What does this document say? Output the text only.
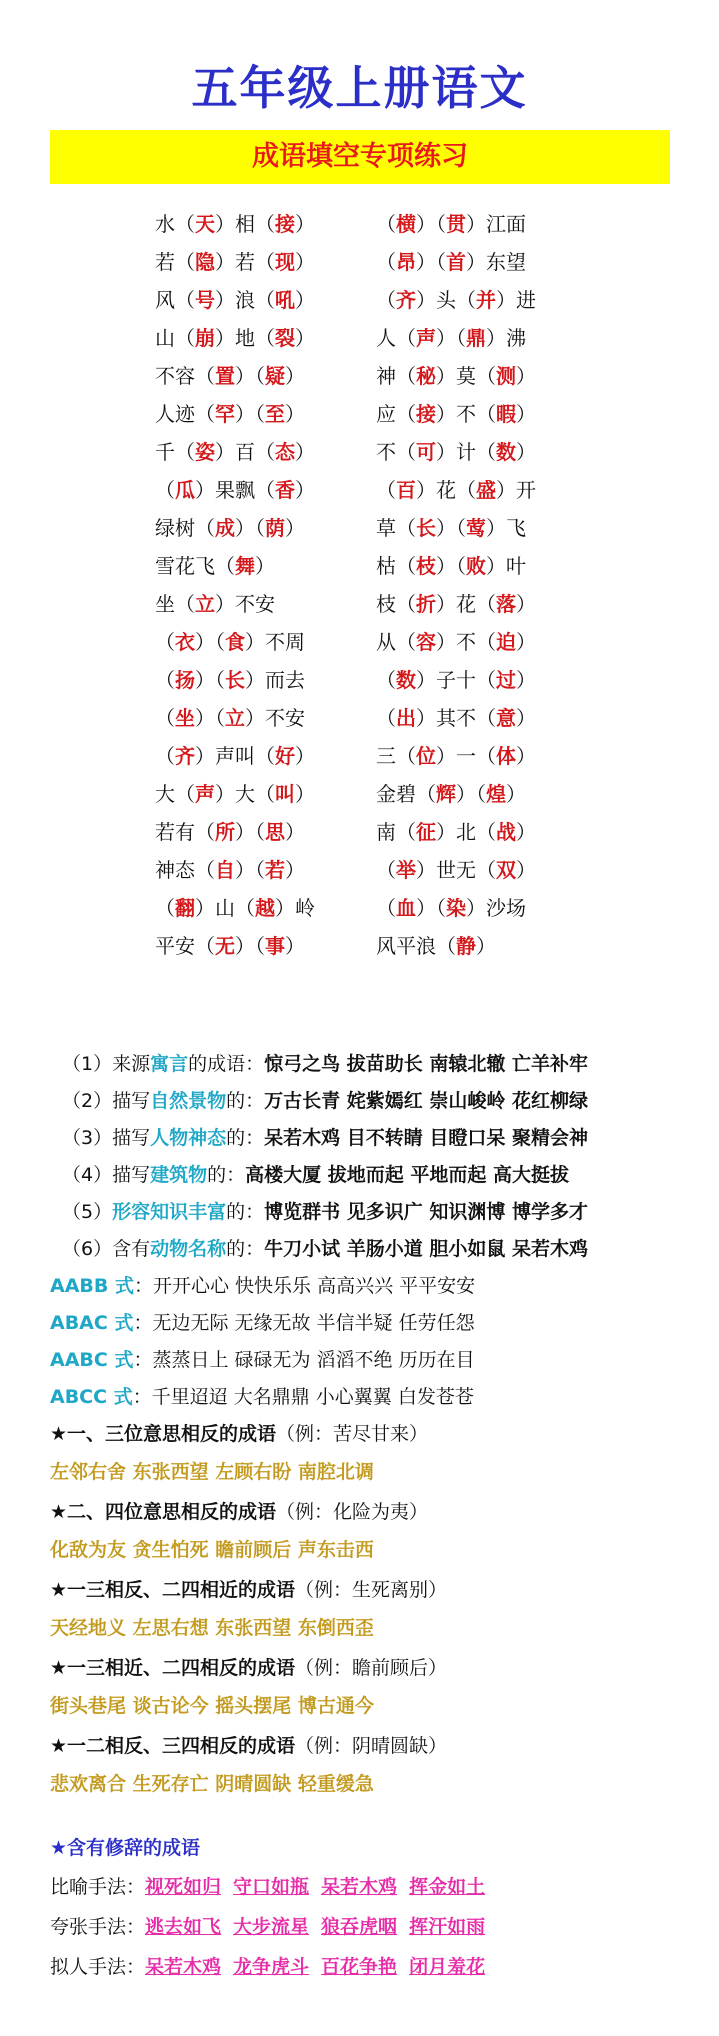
五年级上册语文
成语填空专项练习
水（天）相（接）	（横）（贯）江面
若（隐）若（现）	（昂）（首）东望
风（号）浪（吼）	（齐）头（并）进
山（崩）地（裂）	人（声）（鼎）沸
不容（置）（疑）	神（秘）莫（测）
人迹（罕）（至）	应（接）不（暇）
千（姿）百（态）	不（可）计（数）
（瓜）果飘（香）	（百）花（盛）开
绿树（成）（荫）	草（长）（莺）飞
雪花飞（舞）	枯（枝）（败）叶
坐（立）不安	枝（折）花（落）
（衣）（食）不周	从（容）不（迫）
（扬）（长）而去	（数）子十（过）
（坐）（立）不安	（出）其不（意）
（齐）声叫（好）	三（位）一（体）
大（声）大（叫）	金碧（辉）（煌）
若有（所）（思）	南（征）北（战）
神态（自）（若）	（举）世无（双）
（翻）山（越）岭	（血）（染）沙场
平安（无）（事）	风平浪（静）
（1）来源寓言的成语：惊弓之鸟 拔苗助长 南辕北辙 亡羊补牢
（2）描写自然景物的：万古长青 姹紫嫣红 崇山峻岭 花红柳绿
（3）描写人物神态的：呆若木鸡 目不转睛 目瞪口呆 聚精会神
（4）描写建筑物的：高楼大厦 拔地而起 平地而起 高大挺拔
（5）形容知识丰富的：博览群书 见多识广 知识渊博 博学多才
（6）含有动物名称的：牛刀小试 羊肠小道 胆小如鼠 呆若木鸡
AABB 式：开开心心 快快乐乐 高高兴兴 平平安安
ABAC 式：无边无际 无缘无故 半信半疑 任劳任怨
AABC 式：蒸蒸日上 碌碌无为 滔滔不绝 历历在目
ABCC 式：千里迢迢 大名鼎鼎 小心翼翼 白发苍苍
★一、三位意思相反的成语（例：苦尽甘来）
左邻右舍 东张西望 左顾右盼 南腔北调
★二、四位意思相反的成语（例：化险为夷）
化敌为友 贪生怕死 瞻前顾后 声东击西
★一三相反、二四相近的成语（例：生死离别）
天经地义 左思右想 东张西望 东倒西歪
★一三相近、二四相反的成语（例：瞻前顾后）
街头巷尾 谈古论今 摇头摆尾 博古通今
★一二相反、三四相反的成语（例：阴晴圆缺）
悲欢离合 生死存亡 阴晴圆缺 轻重缓急
★含有修辞的成语
比喻手法：视死如归 守口如瓶 呆若木鸡 挥金如土
夸张手法：逃去如飞 大步流星 狼吞虎咽 挥汗如雨
拟人手法：呆若木鸡 龙争虎斗 百花争艳 闭月羞花
